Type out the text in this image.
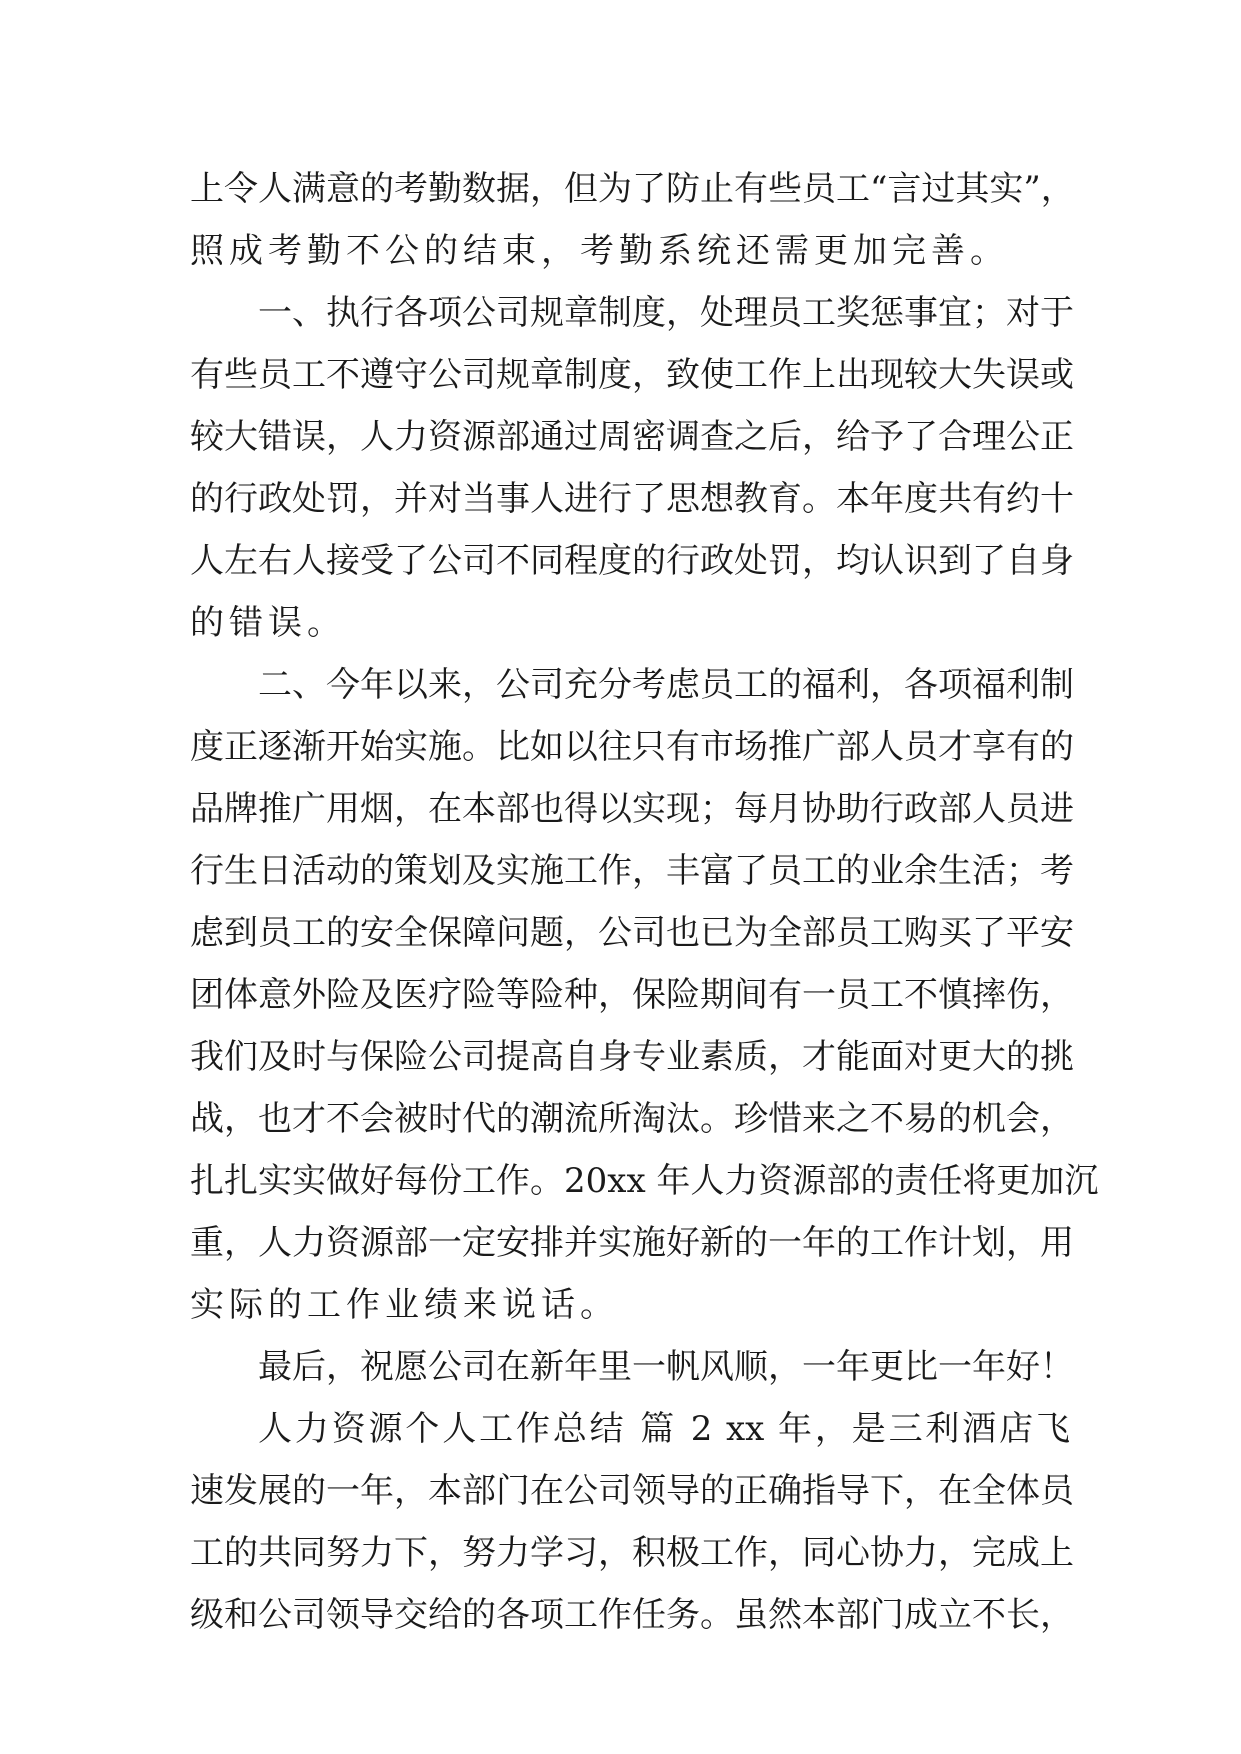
上令人满意的考勤数据，但为了防止有些员工“言过其实”，
照成考勤不公的结束，考勤系统还需更加完善。
一、执行各项公司规章制度，处理员工奖惩事宜；对于
有些员工不遵守公司规章制度，致使工作上出现较大失误或
较大错误，人力资源部通过周密调查之后，给予了合理公正
的行政处罚，并对当事人进行了思想教育。本年度共有约十
人左右人接受了公司不同程度的行政处罚，均认识到了自身
的错误。
二、今年以来，公司充分考虑员工的福利，各项福利制
度正逐渐开始实施。比如以往只有市场推广部人员才享有的
品牌推广用烟，在本部也得以实现；每月协助行政部人员进
行生日活动的策划及实施工作，丰富了员工的业余生活；考
虑到员工的安全保障问题，公司也已为全部员工购买了平安
团体意外险及医疗险等险种，保险期间有一员工不慎摔伤，
我们及时与保险公司提高自身专业素质，才能面对更大的挑
战，也才不会被时代的潮流所淘汰。珍惜来之不易的机会，
扎扎实实做好每份工作。20xx 年人力资源部的责任将更加沉
重，人力资源部一定安排并实施好新的一年的工作计划，用
实际的工作业绩来说话。
最后，祝愿公司在新年里一帆风顺，一年更比一年好！
人力资源个人工作总结 篇 2 xx 年，是三利酒店飞
速发展的一年，本部门在公司领导的正确指导下，在全体员
工的共同努力下，努力学习，积极工作，同心协力，完成上
级和公司领导交给的各项工作任务。虽然本部门成立不长，
